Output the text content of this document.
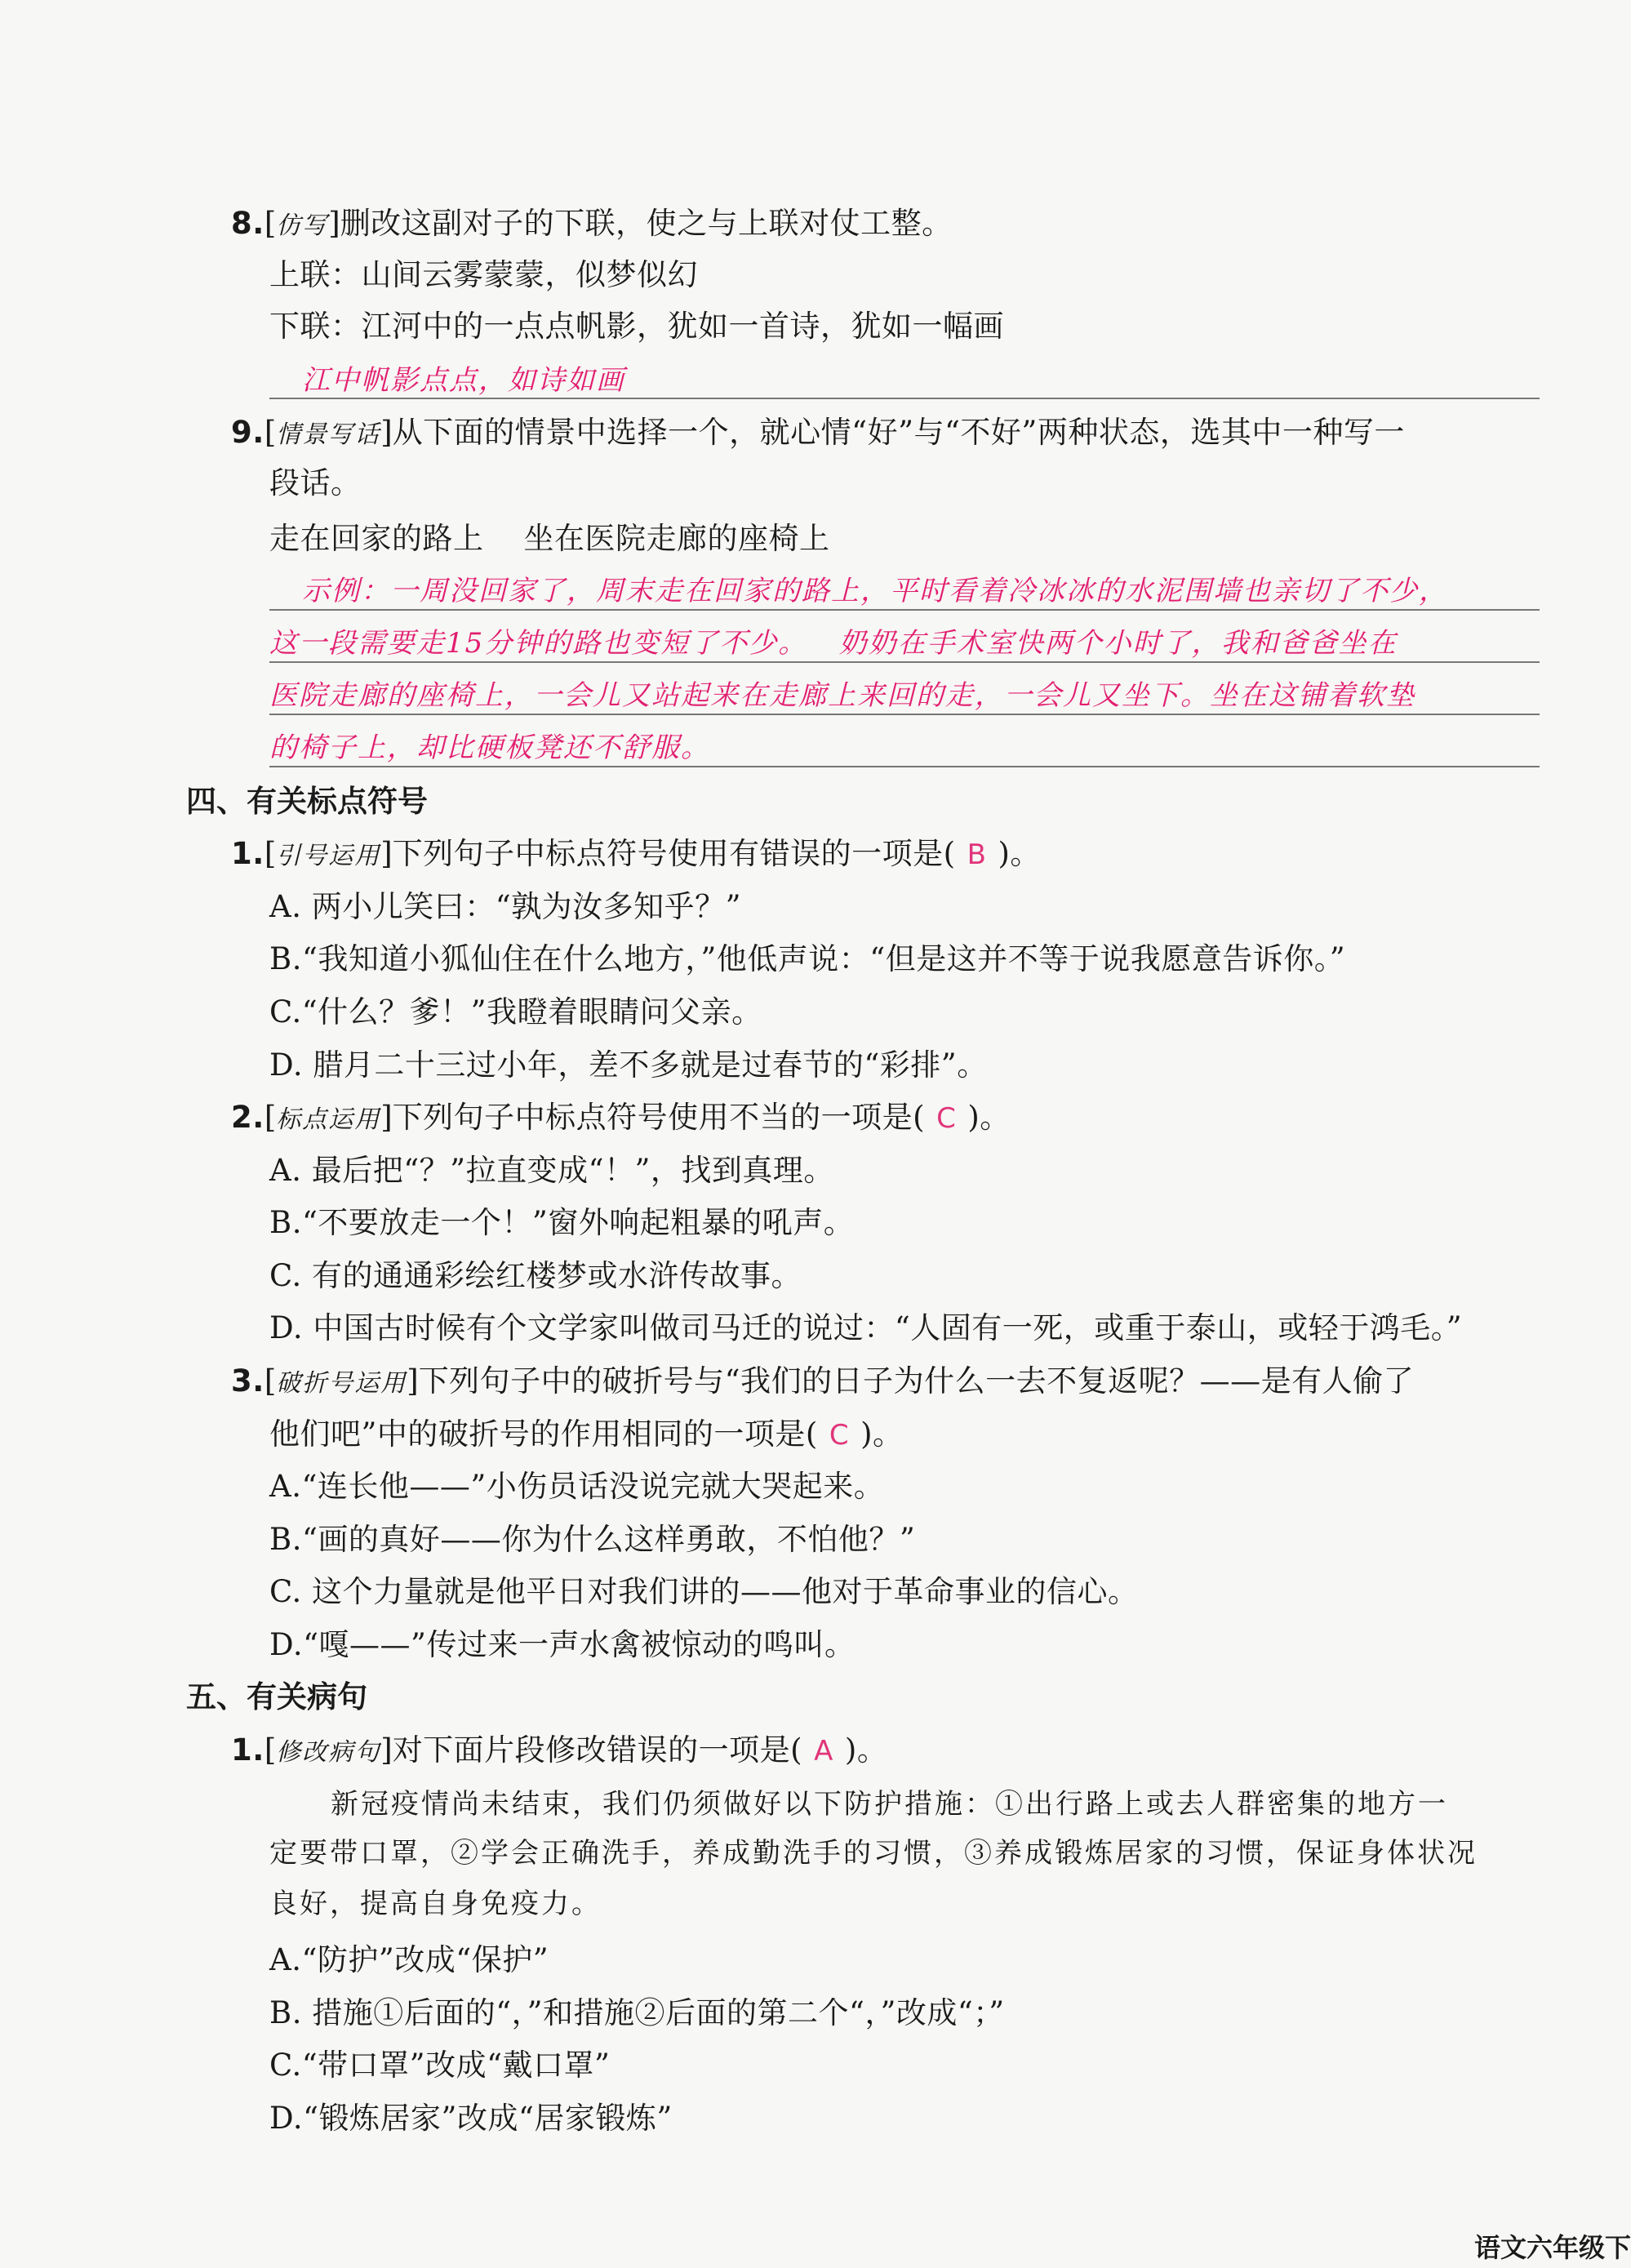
8.[仿写]删改这副对子的下联，使之与上联对仗工整。
上联：山间云雾蒙蒙，似梦似幻
下联：江河中的一点点帆影，犹如一首诗，犹如一幅画
江中帆影点点，如诗如画
9.[情景写话]从下面的情景中选择一个，就心情“好”与“不好”两种状态，选其中一种写一
段话。
走在回家的路上    坐在医院走廊的座椅上
示例：一周没回家了，周末走在回家的路上，平时看着冷冰冰的水泥围墙也亲切了不少，
这一段需要走15分钟的路也变短了不少。   奶奶在手术室快两个小时了，我和爸爸坐在
医院走廊的座椅上，一会儿又站起来在走廊上来回的走，一会儿又坐下。坐在这铺着软垫
的椅子上，却比硬板凳还不舒服。
四、有关标点符号
1.[引号运用]下列句子中标点符号使用有错误的一项是( B )。
A. 两小儿笑曰：“孰为汝多知乎？”
B.“我知道小狐仙住在什么地方，”他低声说：“但是这并不等于说我愿意告诉你。”
C.“什么？爹！”我瞪着眼睛问父亲。
D. 腊月二十三过小年，差不多就是过春节的“彩排”。
2.[标点运用]下列句子中标点符号使用不当的一项是( C )。
A. 最后把“？”拉直变成“！”，找到真理。
B.“不要放走一个！”窗外响起粗暴的吼声。
C. 有的通通彩绘红楼梦或水浒传故事。
D. 中国古时候有个文学家叫做司马迁的说过：“人固有一死，或重于泰山，或轻于鸿毛。”
3.[破折号运用]下列句子中的破折号与“我们的日子为什么一去不复返呢？——是有人偷了
他们吧”中的破折号的作用相同的一项是( C )。
A.“连长他——”小伤员话没说完就大哭起来。
B.“画的真好——你为什么这样勇敢，不怕他？”
C. 这个力量就是他平日对我们讲的——他对于革命事业的信心。
D.“嘎——”传过来一声水禽被惊动的鸣叫。
五、有关病句
1.[修改病句]对下面片段修改错误的一项是( A )。
新冠疫情尚未结束，我们仍须做好以下防护措施：①出行路上或去人群密集的地方一
定要带口罩，②学会正确洗手，养成勤洗手的习惯，③养成锻炼居家的习惯，保证身体状况
良好，提高自身免疫力。
A.“防护”改成“保护”
B. 措施①后面的“，”和措施②后面的第二个“，”改成“；”
C.“带口罩”改成“戴口罩”
D.“锻炼居家”改成“居家锻炼”
语文六年级下
